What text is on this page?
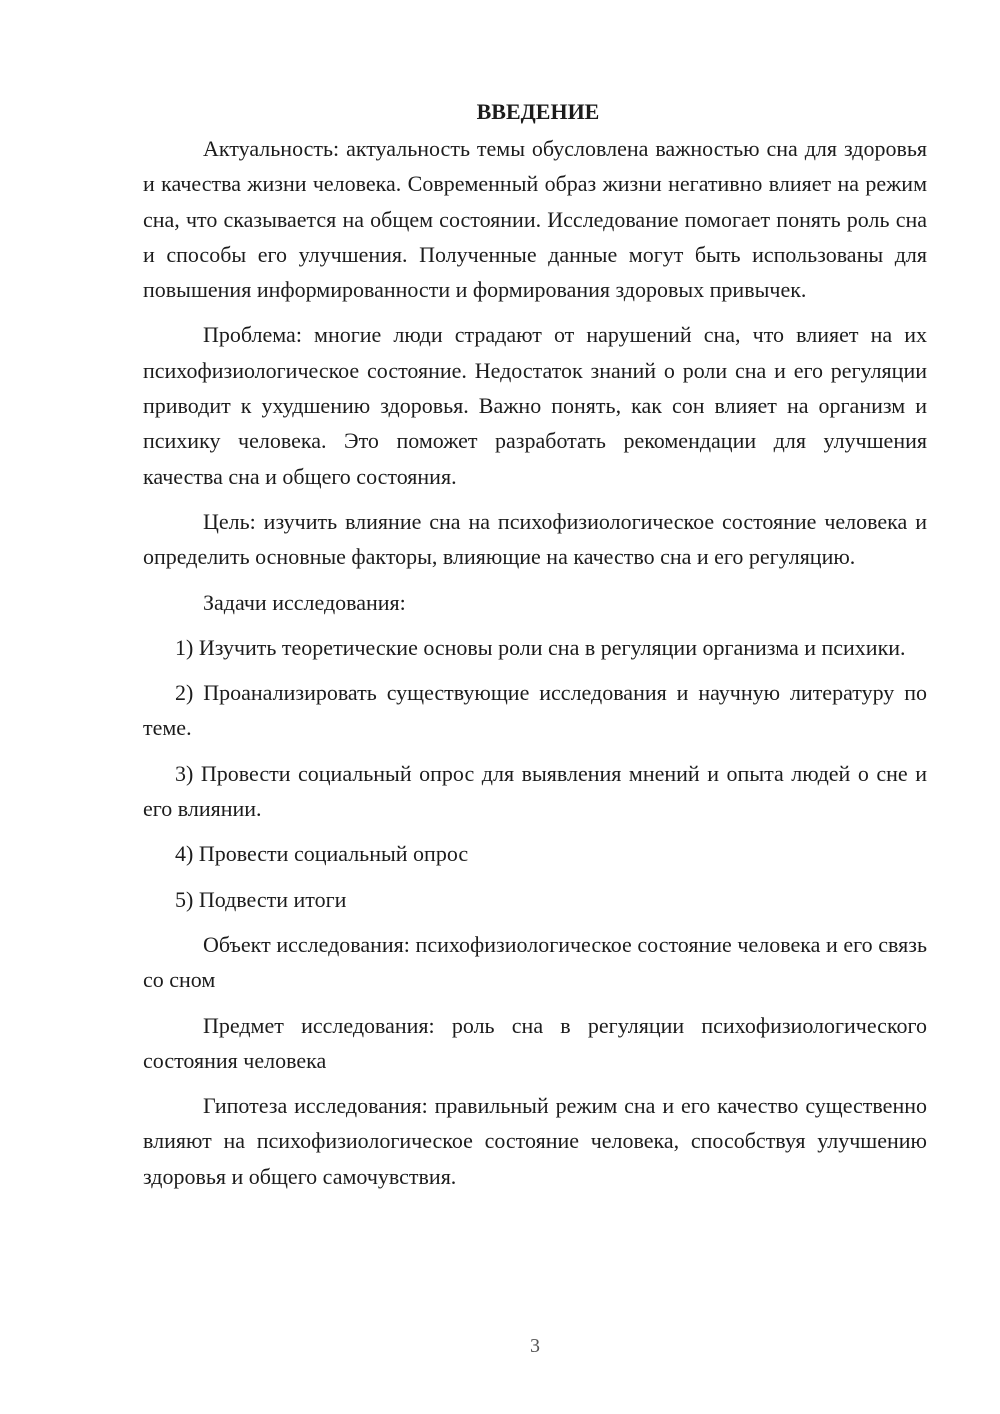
ВВЕДЕНИЕ

Актуальность: актуальность темы обусловлена важностью сна для здоровья и качества жизни человека. Современный образ жизни негативно влияет на режим сна, что сказывается на общем состоянии. Исследование помогает понять роль сна и способы его улучшения. Полученные данные могут быть использованы для повышения информированности и формирования здоровых привычек.

Проблема: многие люди страдают от нарушений сна, что влияет на их психофизиологическое состояние. Недостаток знаний о роли сна и его регуляции приводит к ухудшению здоровья. Важно понять, как сон влияет на организм и психику человека. Это поможет разработать рекомендации для улучшения качества сна и общего состояния.

Цель: изучить влияние сна на психофизиологическое состояние человека и определить основные факторы, влияющие на качество сна и его регуляцию.

Задачи исследования:

1) Изучить теоретические основы роли сна в регуляции организма и психики.

2) Проанализировать существующие исследования и научную литературу по теме.

3) Провести социальный опрос для выявления мнений и опыта людей о сне и его влиянии.

4) Провести социальный опрос

5) Подвести итоги

Объект исследования: психофизиологическое состояние человека и его связь со сном

Предмет исследования: роль сна в регуляции психофизиологического состояния человека

Гипотеза исследования: правильный режим сна и его качество существенно влияют на психофизиологическое состояние человека, способствуя улучшению здоровья и общего самочувствия.

3
